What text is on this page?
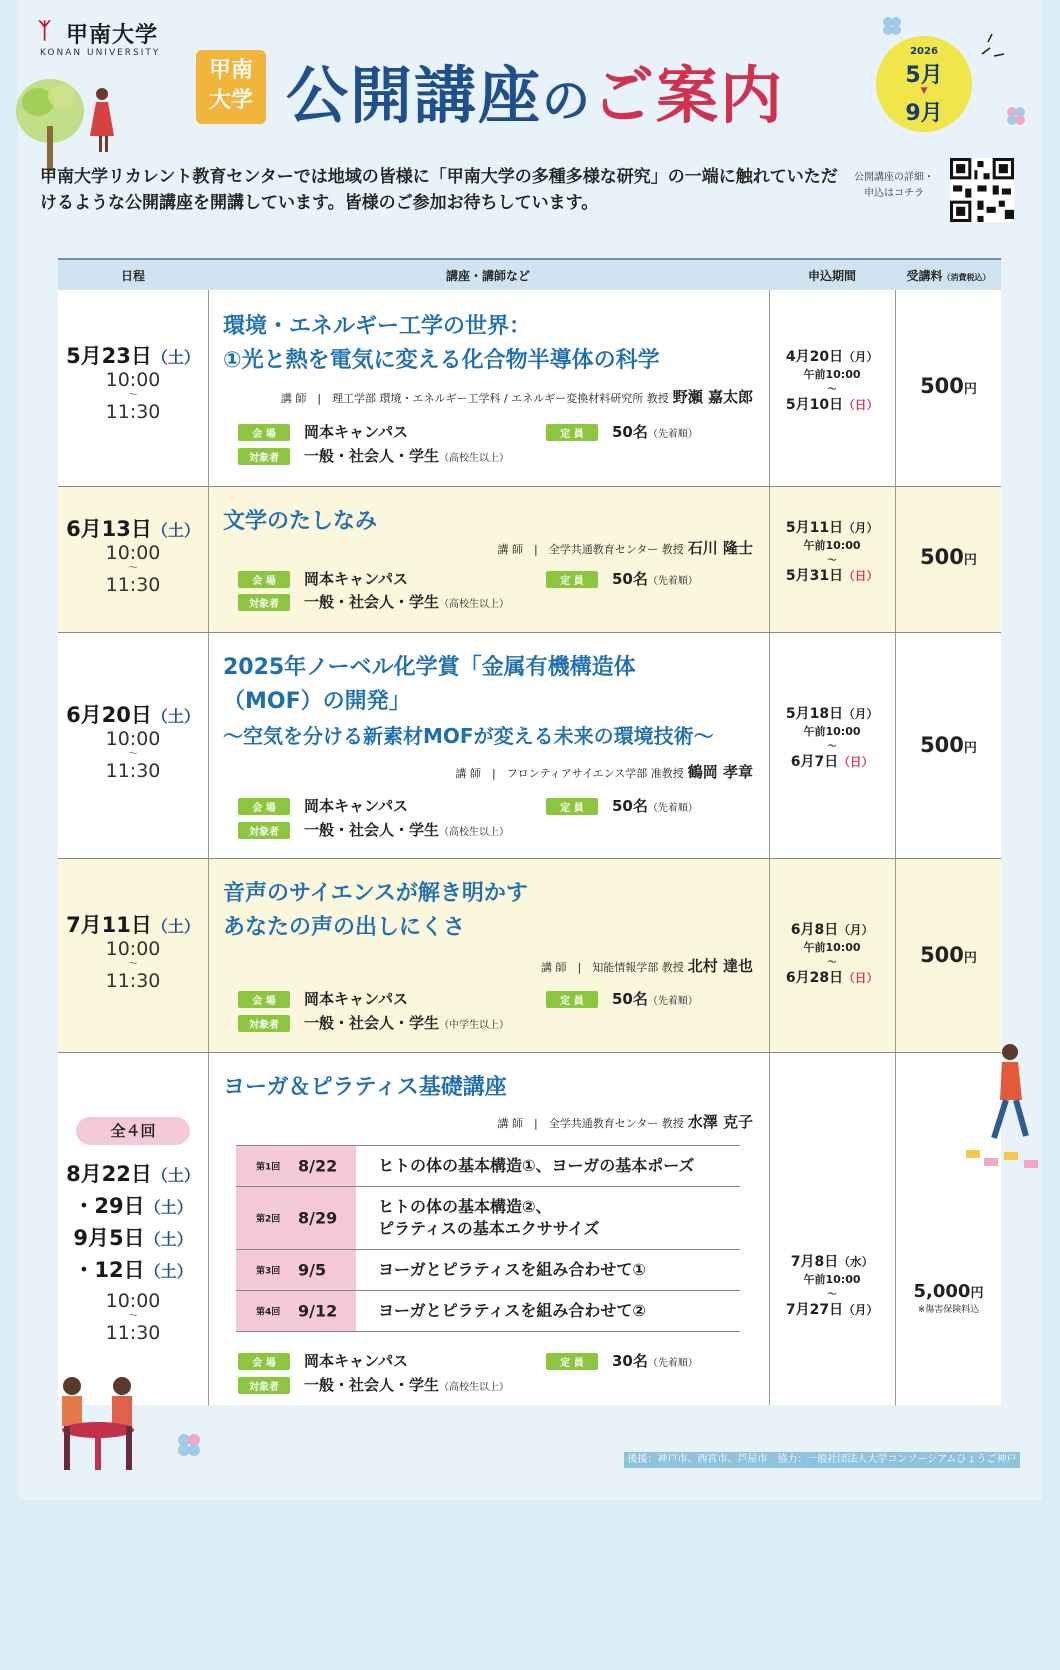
ᛉ 甲南大学
KONAN UNIVERSITY
甲南
大学 公開講座のご案内
2026
5月
▼
9月
甲南大学リカレント教育センターでは地域の皆様に「甲南大学の多種多様な研究」の一端に触れていただけるような公開講座を開講しています。皆様のご参加お待ちしています。
公開講座の詳細・申込はコチラ
日程	講座・講師など	申込期間	受講料（消費税込）
5月23日（土）
10:00
〜
11:30
環境・エネルギー工学の世界：
①光と熱を電気に変える化合物半導体の科学
講 師　|　理工学部 環境・エネルギー工学科 / エネルギー変換材料研究所 教授 野瀬 嘉太郎
会 場 岡本キャンパス	定 員 50名（先着順）
対象者 一般・社会人・学生（高校生以上）
4月20日（月）
午前10:00
〜
5月10日（日）
500円
6月13日（土）
10:00
〜
11:30
文学のたしなみ
講 師　|　全学共通教育センター 教授 石川 隆士
会 場 岡本キャンパス	定 員 50名（先着順）
対象者 一般・社会人・学生（高校生以上）
5月11日（月）
午前10:00
〜
5月31日（日）
500円
6月20日（土）
10:00
〜
11:30
2025年ノーベル化学賞「金属有機構造体
（MOF）の開発」
〜空気を分ける新素材MOFが変える未来の環境技術〜
講 師　|　フロンティアサイエンス学部 准教授 鶴岡 孝章
会 場 岡本キャンパス	定 員 50名（先着順）
対象者 一般・社会人・学生（高校生以上）
5月18日（月）
午前10:00
〜
6月7日（日）
500円
7月11日（土）
10:00
〜
11:30
音声のサイエンスが解き明かす
あなたの声の出しにくさ
講 師　|　知能情報学部 教授 北村 達也
会 場 岡本キャンパス	定 員 50名（先着順）
対象者 一般・社会人・学生（中学生以上）
6月8日（月）
午前10:00
〜
6月28日（日）
500円
全４回
8月22日（土）
・29日（土）
9月5日（土）
・12日（土）
10:00
〜
11:30
ヨーガ＆ピラティス基礎講座
講 師　|　全学共通教育センター 教授 水澤 克子
第1回 8/22	ヒトの体の基本構造①、ヨーガの基本ポーズ
第2回 8/29
ヒトの体の基本構造②、
ピラティスの基本エクササイズ
第3回 9/5	ヨーガとピラティスを組み合わせて①
第4回 9/12	ヨーガとピラティスを組み合わせて②
会 場 岡本キャンパス	定 員 30名（先着順）
対象者 一般・社会人・学生（高校生以上）
7月8日（水）
午前10:00
〜
7月27日（月）
5,000円
※傷害保険料込
後援：神戸市、西宮市、芦屋市　協力：一般社団法人大学コンソーシアムひょうご神戸
